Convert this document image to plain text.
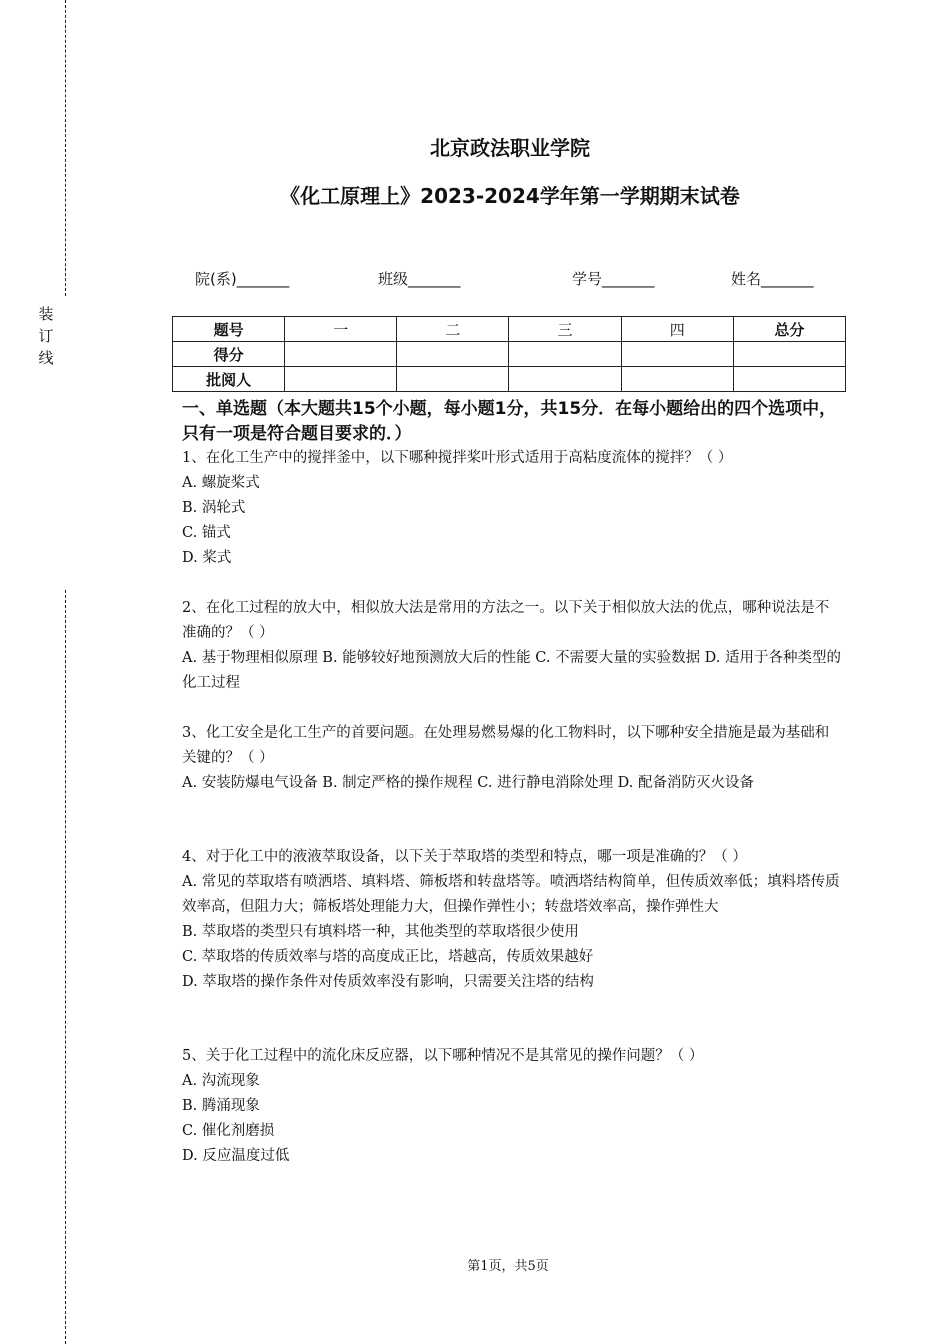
装
订
线
北京政法职业学院
《化工原理上》2023-2024学年第一学期期末试卷
院(系)_______	班级_______	学号_______	姓名_______
题号	一	二	三	四	总分
得分					
批阅人					
一、单选题（本大题共15个小题，每小题1分，共15分．在每小题给出的四个选项中，只有一项是符合题目要求的．）

1、在化工生产中的搅拌釜中，以下哪种搅拌桨叶形式适用于高粘度流体的搅拌？（ ）

A. 螺旋桨式

B. 涡轮式

C. 锚式

D. 桨式

2、在化工过程的放大中，相似放大法是常用的方法之一。以下关于相似放大法的优点，哪种说法是不准确的？（ ）

A. 基于物理相似原理 B. 能够较好地预测放大后的性能 C. 不需要大量的实验数据 D. 适用于各种类型的化工过程

3、化工安全是化工生产的首要问题。在处理易燃易爆的化工物料时，以下哪种安全措施是最为基础和关键的？（ ）

A. 安装防爆电气设备 B. 制定严格的操作规程 C. 进行静电消除处理 D. 配备消防灭火设备

4、对于化工中的液液萃取设备，以下关于萃取塔的类型和特点，哪一项是准确的？（ ）

A. 常见的萃取塔有喷洒塔、填料塔、筛板塔和转盘塔等。喷洒塔结构简单，但传质效率低；填料塔传质效率高，但阻力大；筛板塔处理能力大，但操作弹性小；转盘塔效率高，操作弹性大

B. 萃取塔的类型只有填料塔一种，其他类型的萃取塔很少使用

C. 萃取塔的传质效率与塔的高度成正比，塔越高，传质效果越好

D. 萃取塔的操作条件对传质效率没有影响，只需要关注塔的结构

5、关于化工过程中的流化床反应器，以下哪种情况不是其常见的操作问题？（ ）

A. 沟流现象

B. 腾涌现象

C. 催化剂磨损

D. 反应温度过低

第1页，共5页
